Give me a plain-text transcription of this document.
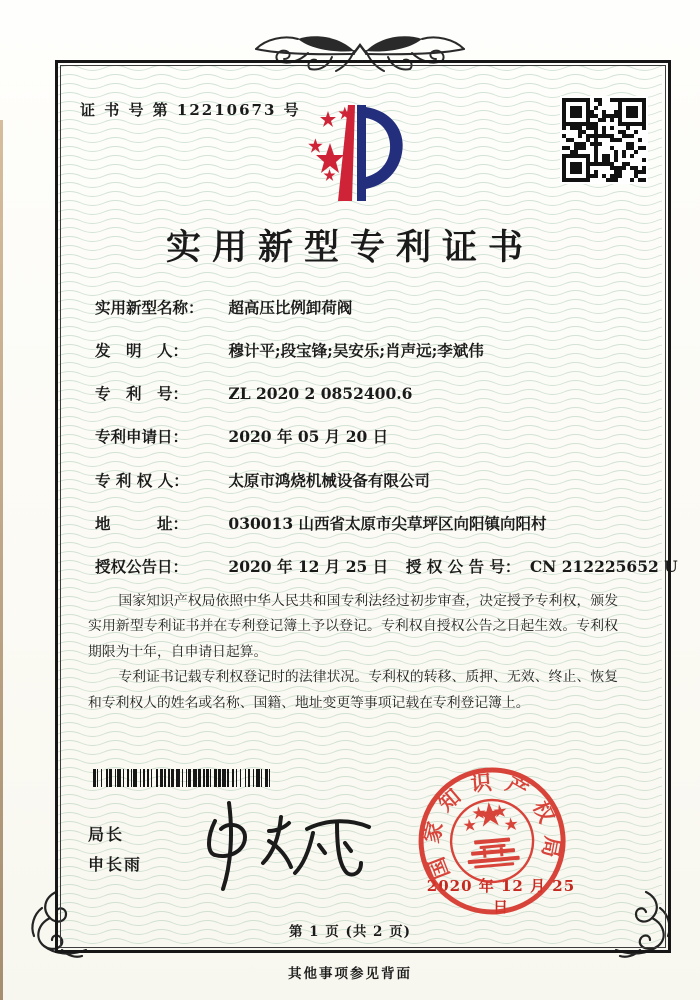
证 书 号 第 12210673 号
实用新型专利证书
实用新型名称： 超高压比例卸荷阀
发　明　人：	穆计平;段宝锋;吴安乐;肖声远;李斌伟
专　利　号：	ZL 2020 2 0852400.6
专利申请日：	2020 年 05 月 20 日
专 利 权 人：	太原市鸿烧机械设备有限公司
地　　　址：	030013 山西省太原市尖草坪区向阳镇向阳村
授权公告日：	2020 年 12 月 25 日 授 权 公 告 号： CN 212225652 U

国家知识产权局依照中华人民共和国专利法经过初步审查，决定授予专利权，颁发实用新型专利证书并在专利登记簿上予以登记。专利权自授权公告之日起生效。专利权期限为十年，自申请日起算。

专利证书记载专利权登记时的法律状况。专利权的转移、质押、无效、终止、恢复和专利权人的姓名或名称、国籍、地址变更等事项记载在专利登记簿上。

局长
申长雨
2020 年 12 月 25 日
国家知识产权局
第 1 页 (共 2 页)
其他事项参见背面
